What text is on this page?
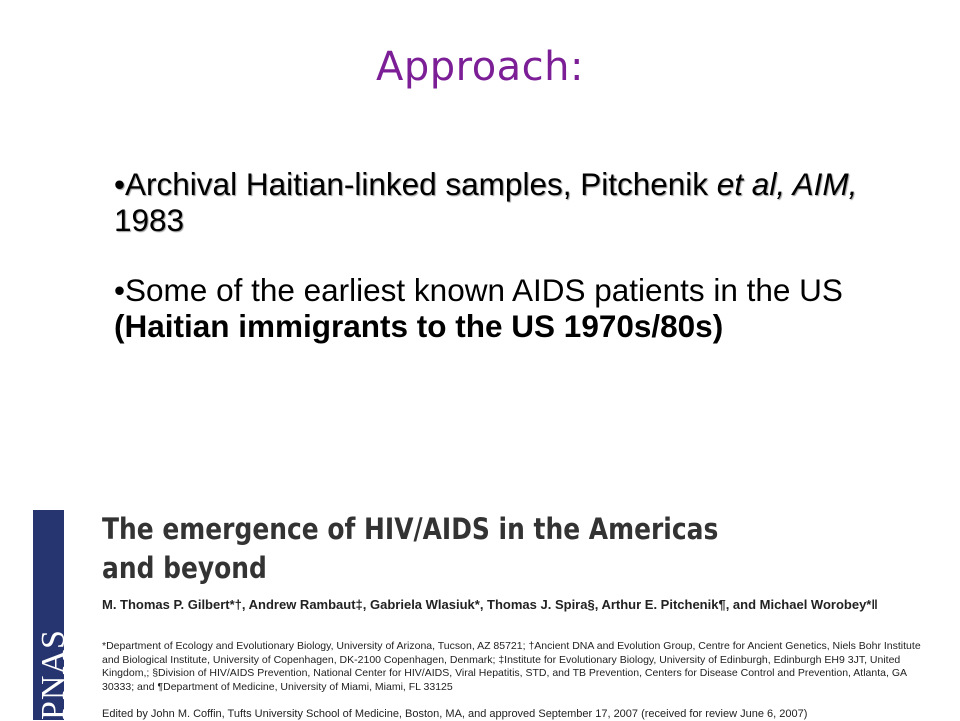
Approach:
•Archival Haitian-linked samples, Pitchenik et al, AIM, 1983
•Some of the earliest known AIDS patients in the US
(Haitian immigrants to the US 1970s/80s)
PNAS
The emergence of HIV/AIDS in the Americas
and beyond
M. Thomas P. Gilbert*†, Andrew Rambaut‡, Gabriela Wlasiuk*, Thomas J. Spira§, Arthur E. Pitchenik¶, and Michael Worobey*‖
*Department of Ecology and Evolutionary Biology, University of Arizona, Tucson, AZ 85721; †Ancient DNA and Evolution Group, Centre for Ancient Genetics, Niels Bohr Institute and Biological Institute, University of Copenhagen, DK-2100 Copenhagen, Denmark; ‡Institute for Evolutionary Biology, University of Edinburgh, Edinburgh EH9 3JT, United Kingdom,; §Division of HIV/AIDS Prevention, National Center for HIV/AIDS, Viral Hepatitis, STD, and TB Prevention, Centers for Disease Control and Prevention, Atlanta, GA 30333; and ¶Department of Medicine, University of Miami, Miami, FL 33125
Edited by John M. Coffin, Tufts University School of Medicine, Boston, MA, and approved September 17, 2007 (received for review June 6, 2007)
